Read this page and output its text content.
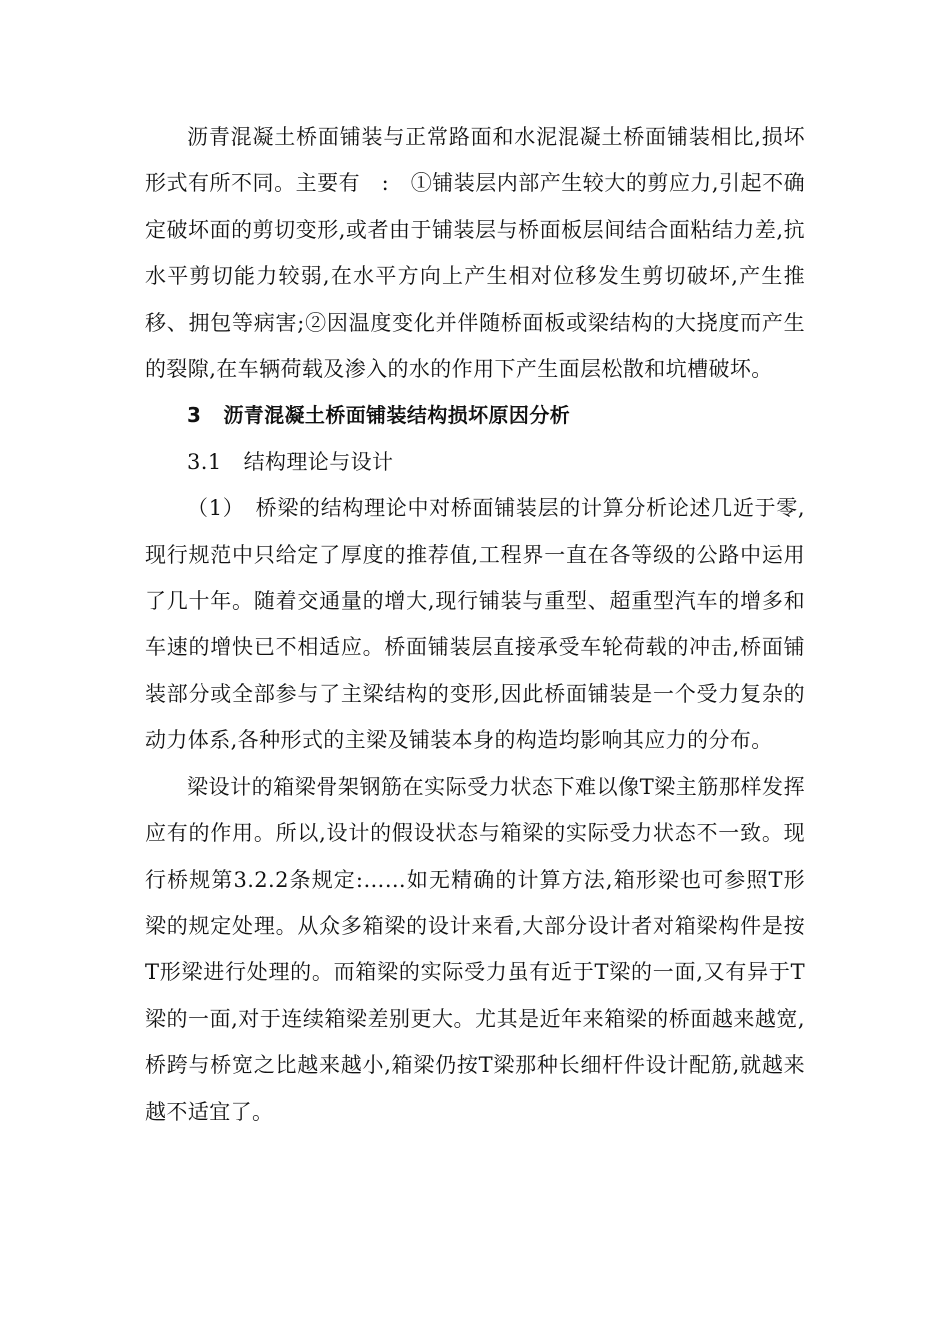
沥青混凝土桥面铺装与正常路面和水泥混凝土桥面铺装相比,损坏形式有所不同。主要有　:　①铺装层内部产生较大的剪应力,引起不确定破坏面的剪切变形,或者由于铺装层与桥面板层间结合面粘结力差,抗水平剪切能力较弱,在水平方向上产生相对位移发生剪切破坏,产生推移、拥包等病害;②因温度变化并伴随桥面板或梁结构的大挠度而产生的裂隙,在车辆荷载及渗入的水的作用下产生面层松散和坑槽破坏。

3 沥青混凝土桥面铺装结构损坏原因分析

3.1 结构理论与设计

（1）　桥梁的结构理论中对桥面铺装层的计算分析论述几近于零,现行规范中只给定了厚度的推荐值,工程界一直在各等级的公路中运用了几十年。随着交通量的增大,现行铺装与重型、超重型汽车的增多和车速的增快已不相适应。桥面铺装层直接承受车轮荷载的冲击,桥面铺装部分或全部参与了主梁结构的变形,因此桥面铺装是一个受力复杂的动力体系,各种形式的主梁及铺装本身的构造均影响其应力的分布。

梁设计的箱梁骨架钢筋在实际受力状态下难以像T梁主筋那样发挥应有的作用。所以,设计的假设状态与箱梁的实际受力状态不一致。现行桥规第3.2.2条规定:……如无精确的计算方法,箱形梁也可参照T形梁的规定处理。从众多箱梁的设计来看,大部分设计者对箱梁构件是按T形梁进行处理的。而箱梁的实际受力虽有近于T梁的一面,又有异于T梁的一面,对于连续箱梁差别更大。尤其是近年来箱梁的桥面越来越宽,桥跨与桥宽之比越来越小,箱梁仍按T梁那种长细杆件设计配筋,就越来越不适宜了。
